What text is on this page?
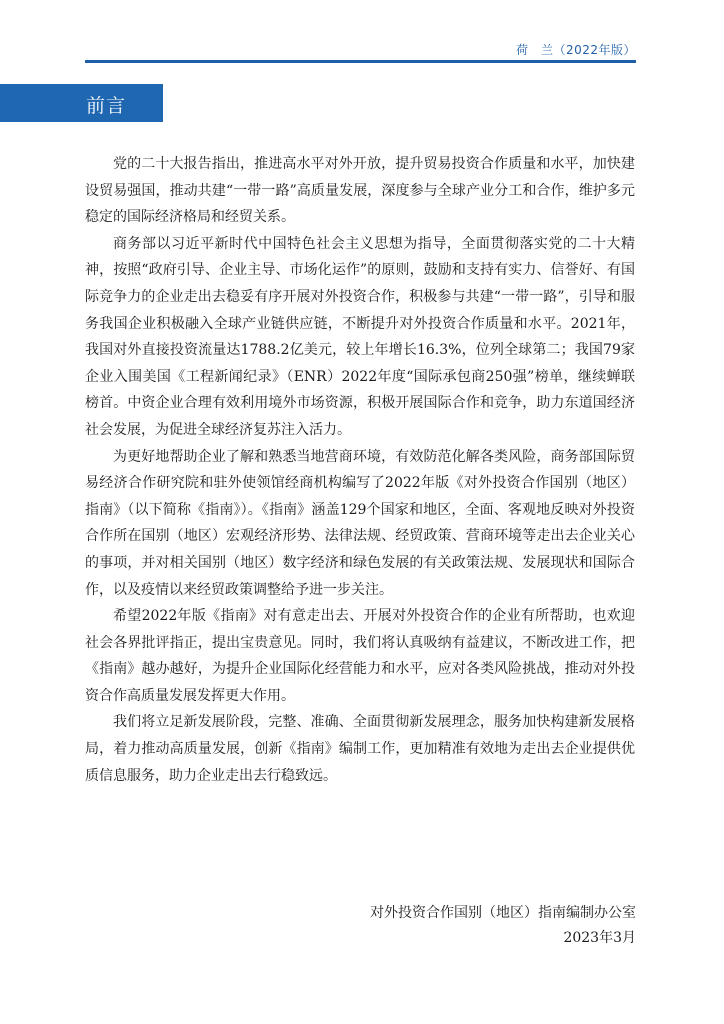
荷　兰（2022年版）
前言

党的二十大报告指出，推进高水平对外开放，提升贸易投资合作质量和水平，加快建设贸易强国，推动共建“一带一路”高质量发展，深度参与全球产业分工和合作，维护多元稳定的国际经济格局和经贸关系。

商务部以习近平新时代中国特色社会主义思想为指导，全面贯彻落实党的二十大精神，按照“政府引导、企业主导、市场化运作”的原则，鼓励和支持有实力、信誉好、有国际竞争力的企业走出去稳妥有序开展对外投资合作，积极参与共建“一带一路”，引导和服务我国企业积极融入全球产业链供应链，不断提升对外投资合作质量和水平。2021年，我国对外直接投资流量达1788.2亿美元，较上年增长16.3%，位列全球第二；我国79家企业入围美国《工程新闻纪录》（ENR）2022年度“国际承包商250强”榜单，继续蝉联榜首。中资企业合理有效利用境外市场资源，积极开展国际合作和竞争，助力东道国经济社会发展，为促进全球经济复苏注入活力。

为更好地帮助企业了解和熟悉当地营商环境，有效防范化解各类风险，商务部国际贸易经济合作研究院和驻外使领馆经商机构编写了2022年版《对外投资合作国别（地区）指南》（以下简称《指南》）。《指南》涵盖129个国家和地区，全面、客观地反映对外投资合作所在国别（地区）宏观经济形势、法律法规、经贸政策、营商环境等走出去企业关心的事项，并对相关国别（地区）数字经济和绿色发展的有关政策法规、发展现状和国际合作，以及疫情以来经贸政策调整给予进一步关注。

希望2022年版《指南》对有意走出去、开展对外投资合作的企业有所帮助，也欢迎社会各界批评指正，提出宝贵意见。同时，我们将认真吸纳有益建议，不断改进工作，把《指南》越办越好，为提升企业国际化经营能力和水平，应对各类风险挑战，推动对外投资合作高质量发展发挥更大作用。

我们将立足新发展阶段，完整、准确、全面贯彻新发展理念，服务加快构建新发展格局，着力推动高质量发展，创新《指南》编制工作，更加精准有效地为走出去企业提供优质信息服务，助力企业走出去行稳致远。

对外投资合作国别（地区）指南编制办公室
2023年3月
